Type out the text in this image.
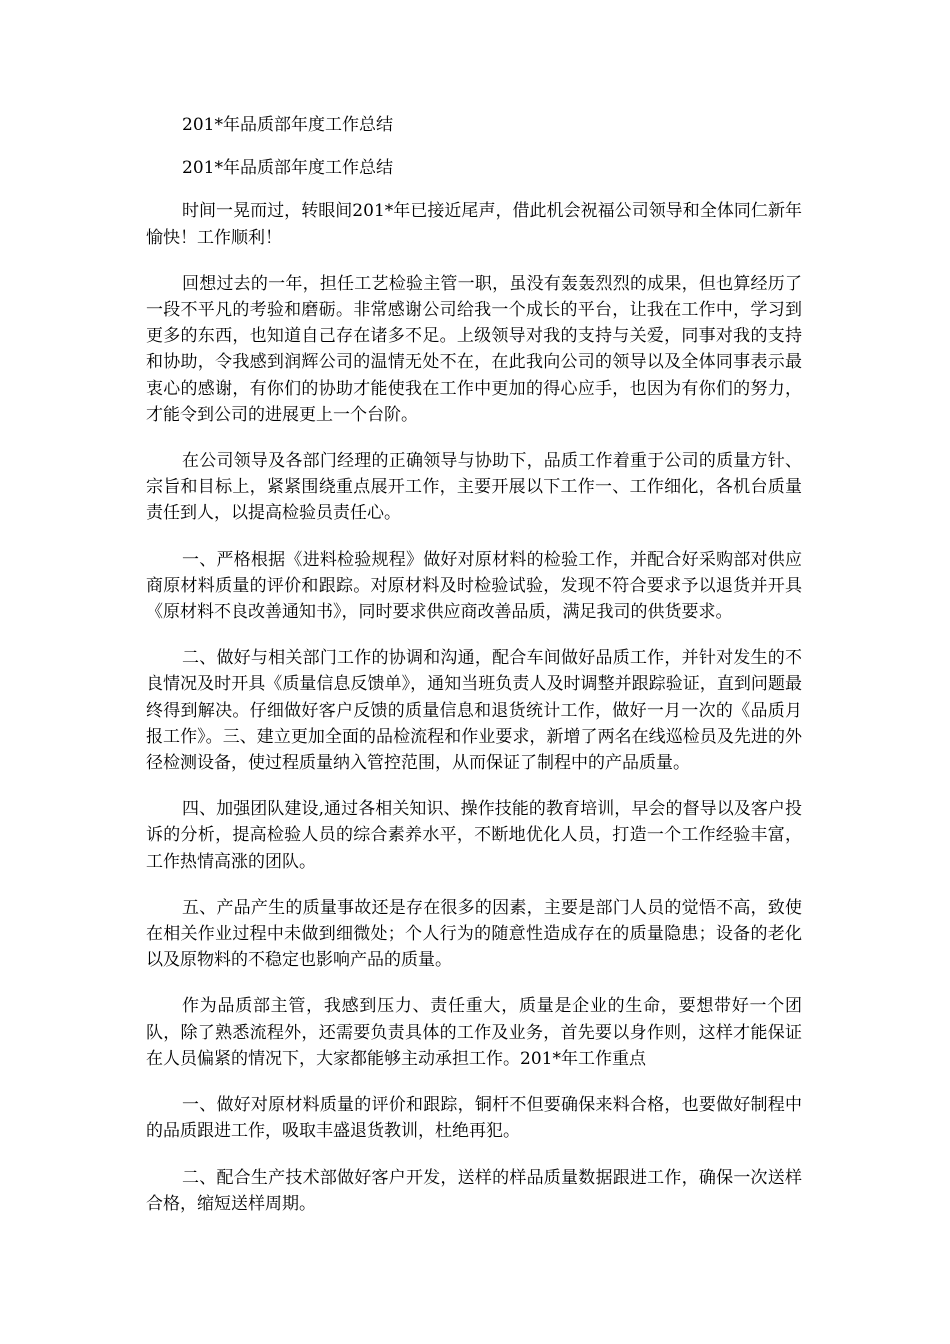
201*年品质部年度工作总结

201*年品质部年度工作总结

时间一晃而过，转眼间201*年已接近尾声，借此机会祝福公司领导和全体同仁新年愉快！工作顺利！

回想过去的一年，担任工艺检验主管一职，虽没有轰轰烈烈的成果，但也算经历了一段不平凡的考验和磨砺。非常感谢公司给我一个成长的平台，让我在工作中，学习到更多的东西，也知道自己存在诸多不足。上级领导对我的支持与关爱，同事对我的支持和协助，令我感到润辉公司的温情无处不在，在此我向公司的领导以及全体同事表示最衷心的感谢，有你们的协助才能使我在工作中更加的得心应手，也因为有你们的努力，才能令到公司的进展更上一个台阶。

在公司领导及各部门经理的正确领导与协助下，品质工作着重于公司的质量方针、宗旨和目标上，紧紧围绕重点展开工作，主要开展以下工作一、工作细化，各机台质量责任到人，以提高检验员责任心。

一、严格根据《进料检验规程》做好对原材料的检验工作，并配合好采购部对供应商原材料质量的评价和跟踪。对原材料及时检验试验，发现不符合要求予以退货并开具《原材料不良改善通知书》，同时要求供应商改善品质，满足我司的供货要求。

二、做好与相关部门工作的协调和沟通，配合车间做好品质工作，并针对发生的不良情况及时开具《质量信息反馈单》，通知当班负责人及时调整并跟踪验证，直到问题最终得到解决。仔细做好客户反馈的质量信息和退货统计工作，做好一月一次的《品质月报工作》。三、建立更加全面的品检流程和作业要求，新增了两名在线巡检员及先进的外径检测设备，使过程质量纳入管控范围，从而保证了制程中的产品质量。

四、加强团队建设,通过各相关知识、操作技能的教育培训，早会的督导以及客户投诉的分析，提高检验人员的综合素养水平，不断地优化人员，打造一个工作经验丰富，工作热情高涨的团队。

五、产品产生的质量事故还是存在很多的因素，主要是部门人员的觉悟不高，致使在相关作业过程中未做到细微处；个人行为的随意性造成存在的质量隐患；设备的老化以及原物料的不稳定也影响产品的质量。

作为品质部主管，我感到压力、责任重大，质量是企业的生命，要想带好一个团队，除了熟悉流程外，还需要负责具体的工作及业务，首先要以身作则，这样才能保证在人员偏紧的情况下，大家都能够主动承担工作。201*年工作重点

一、做好对原材料质量的评价和跟踪，铜杆不但要确保来料合格，也要做好制程中的品质跟进工作，吸取丰盛退货教训，杜绝再犯。

二、配合生产技术部做好客户开发，送样的样品质量数据跟进工作，确保一次送样合格，缩短送样周期。
